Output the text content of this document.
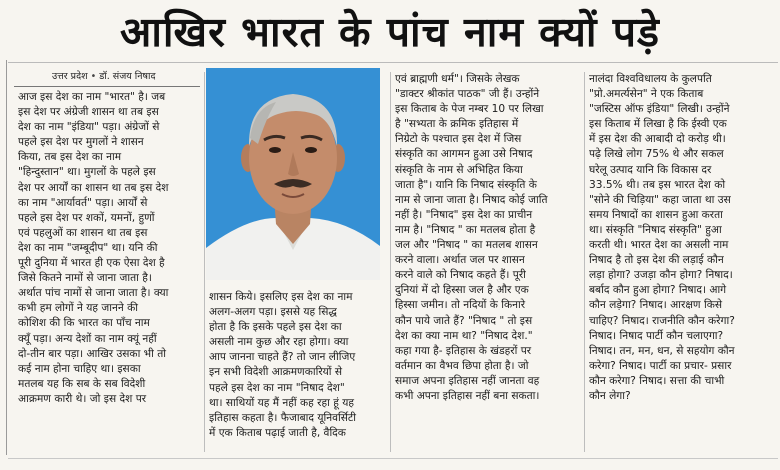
आखिर भारत के पांच नाम क्यों पड़े
उत्तर प्रदेश • डॉ. संजय निषाद
आज इस देश का नाम "भारत" है। जब
इस देश पर अंग्रेजी शासन था तब इस
देश का नाम "इंडिया" पड़ा। अंग्रेजों से
पहले इस देश पर मुगलों ने शासन
किया, तब इस देश का नाम
"हिन्दुस्तान" था। मुगलों के पहले इस
देश पर आर्यों का शासन था तब इस देश
का नाम "आर्यावर्त" पड़ा। आर्यों से
पहले इस देश पर शकों, यमनों, हुणों
एवं पहलुओं का शासन था तब इस
देश का नाम "जम्बूदीप" था। यनि की
पूरी दुनिया में भारत ही एक ऐसा देश है
जिसे कितने नामों से जाना जाता है।
अर्थात पांच नामों से जाना जाता है। क्या
कभी हम लोगों ने यह जानने की
कोशिश की कि भारत का पाँच नाम
क्यूँ पड़ा। अन्य देशों का नाम क्यूं नहीं
दो-तीन बार पड़ा। आखिर उसका भी तो
कई नाम होना चाहिए था। इसका
मतलब यह कि सब के सब विदेशी
आक्रमण कारी थे। जो इस देश पर
शासन किये। इसलिए इस देश का नाम
अलग-अलग पड़ा। इससे यह सिद्ध
होता है कि इसके पहले इस देश का
असली नाम कुछ और रहा होगा। क्या
आप जानना चाहते हैं? तो जान लीजिए
इन सभी विदेशी आक्रमणकारियों से
पहले इस देश का नाम "निषाद देश"
था। साथियों यह मैं नहीं कह रहा हूं यह
इतिहास कहता है। फैजाबाद यूनिवर्सिटी
में एक किताब पढ़ाई जाती है, वैदिक
एवं ब्राह्मणी धर्म"। जिसके लेखक
"डाक्टर श्रीकांत पाठक" जी हैं। उन्होंने
इस किताब के पेज नम्बर 10 पर लिखा
है "सभ्यता के क्रमिक इतिहास में
निग्रेटो के पश्चात इस देश में जिस
संस्कृति का आगमन हुआ उसे निषाद
संस्कृति के नाम से अभिहित किया
जाता है"। यानि कि निषाद संस्कृति के
नाम से जाना जाता है। निषाद कोई जाति
नहीं है। "निषाद" इस देश का प्राचीन
नाम है। "निषाद " का मतलब होता है
जल और "निषाद " का मतलब शासन
करने वाला। अर्थात जल पर शासन
करने वाले को निषाद कहते हैं। पूरी
दुनियां में दो हिस्सा जल है और एक
हिस्सा जमीन। तो नदियों के किनारे
कौन पाये जाते हैं? "निषाद " तो इस
देश का क्या नाम था? "निषाद देश."
कहा गया है- इतिहास के खंडहरों पर
वर्तमान का वैभव छिपा होता है। जो
समाज अपना इतिहास नहीं जानता वह
कभी अपना इतिहास नहीं बना सकता।
नालंदा विश्वविधालय के कुलपति
"प्रो.अमर्त्यसेन" ने एक किताब
"जस्टिस ऑफ इंडिया" लिखी। उन्होंने
इस किताब में लिखा है कि ईस्वी एक
में इस देश की आबादी दो करोड़ थी।
पढ़े लिखे लोग 75% थे और सकल
घरेलू उत्पाद यानि कि विकास दर
33.5% थी। तब इस भारत देश को
"सोने की चिड़िया" कहा जाता था उस
समय निषादों का शासन हुआ करता
था। संस्कृति "निषाद संस्कृति" हुआ
करती थी। भारत देश का असली नाम
निषाद है तो इस देश की लड़ाई कौन
लड़ा होगा? उजड़ा कौन होगा? निषाद।
बर्बाद कौन हुआ होगा? निषाद। आगे
कौन लड़ेगा? निषाद। आरक्षण किसे
चाहिए? निषाद। राजनीति कौन करेगा?
निषाद। निषाद पार्टी कौन चलाएगा?
निषाद। तन, मन, धन, से सहयोग कौन
करेगा? निषाद। पार्टी का प्रचार- प्रसार
कौन करेगा? निषाद। सत्ता की चाभी
कौन लेगा?
